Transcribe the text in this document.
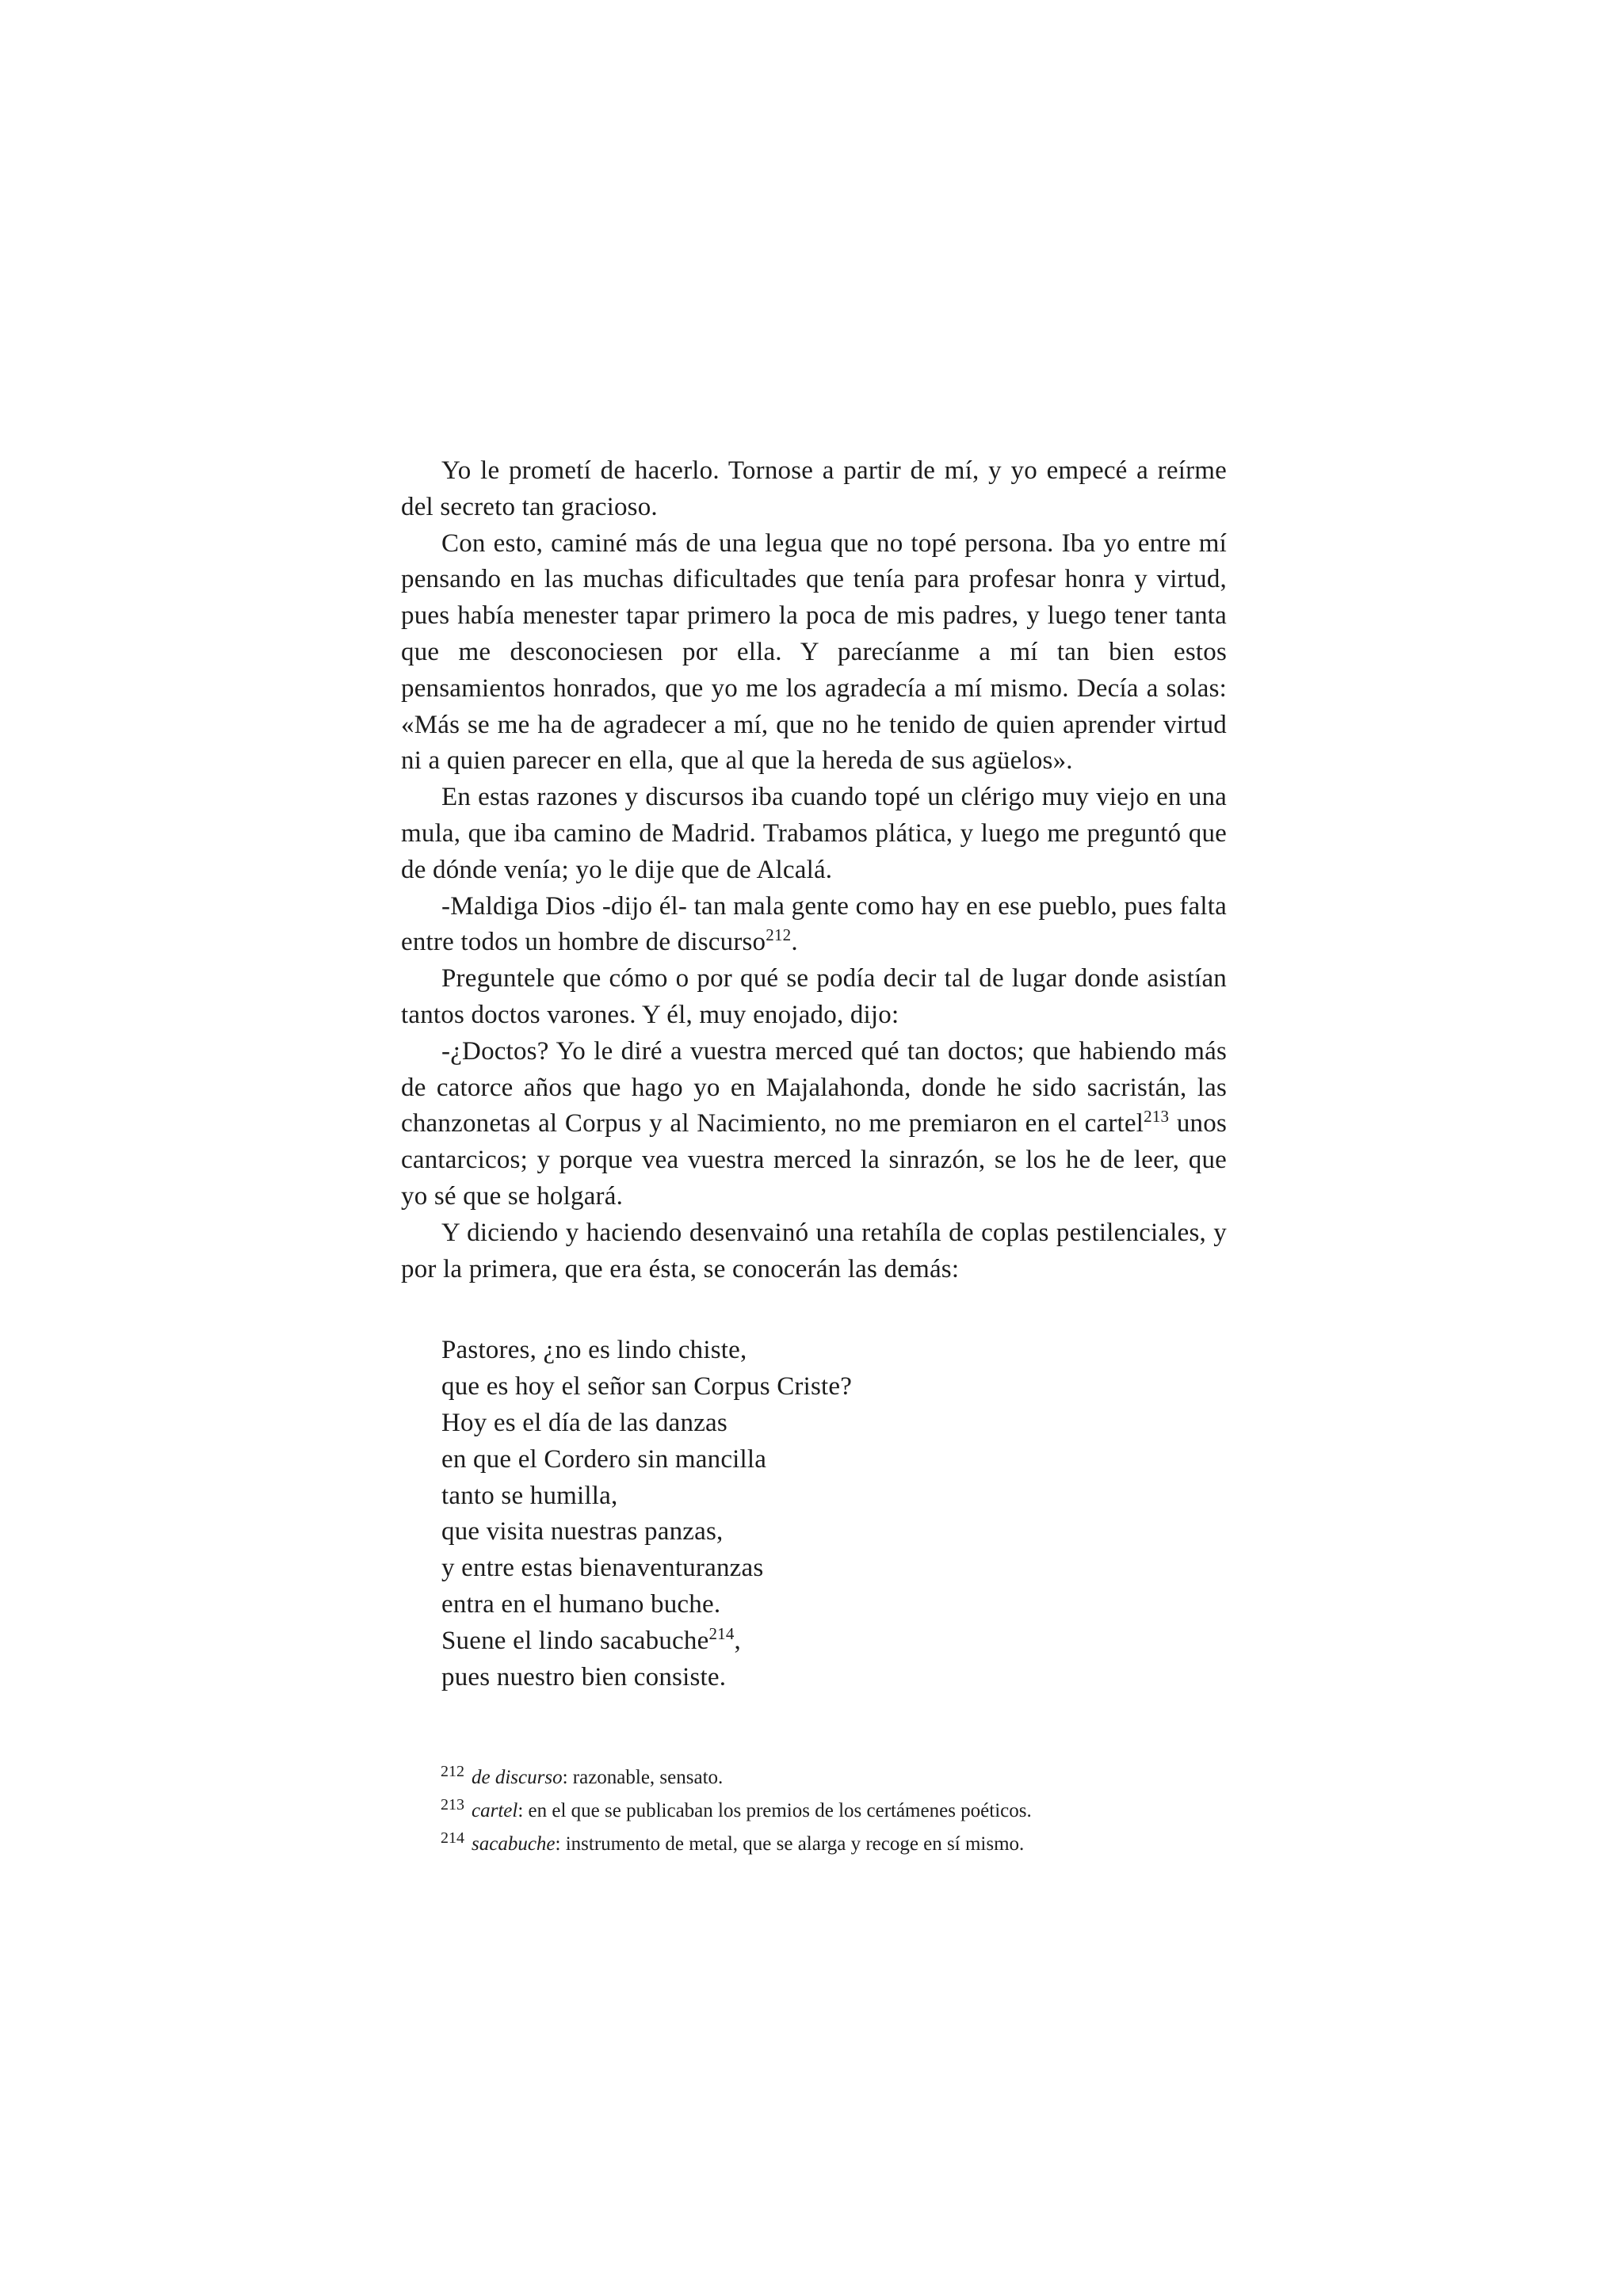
Yo le prometí de hacerlo. Tornose a partir de mí, y yo empecé a reírme del secreto tan gracioso.

Con esto, caminé más de una legua que no topé persona. Iba yo entre mí pensando en las muchas dificultades que tenía para profesar honra y virtud, pues había menester tapar primero la poca de mis padres, y luego tener tanta que me desconociesen por ella. Y parecíanme a mí tan bien estos pensamientos honrados, que yo me los agradecía a mí mismo. Decía a solas: «Más se me ha de agradecer a mí, que no he tenido de quien aprender virtud ni a quien parecer en ella, que al que la hereda de sus agüelos».

En estas razones y discursos iba cuando topé un clérigo muy viejo en una mula, que iba camino de Madrid. Trabamos plática, y luego me preguntó que de dónde venía; yo le dije que de Alcalá.

-Maldiga Dios -dijo él- tan mala gente como hay en ese pueblo, pues falta entre todos un hombre de discurso$^{212}$.

Preguntele que cómo o por qué se podía decir tal de lugar donde asistían tantos doctos varones. Y él, muy enojado, dijo:

-¿Doctos? Yo le diré a vuestra merced qué tan doctos; que habiendo más de catorce años que hago yo en Majalahonda, donde he sido sacristán, las chanzonetas al Corpus y al Nacimiento, no me premiaron en el cartel$^{213}$ unos cantarcicos; y porque vea vuestra merced la sinrazón, se los he de leer, que yo sé que se holgará.

Y diciendo y haciendo desenvainó una retahíla de coplas pestilenciales, y por la primera, que era ésta, se conocerán las demás:

Pastores, ¿no es lindo chiste,
que es hoy el señor san Corpus Criste?
Hoy es el día de las danzas
en que el Cordero sin mancilla
tanto se humilla,
que visita nuestras panzas,
y entre estas bienaventuranzas
entra en el humano buche.
Suene el lindo sacabuche$^{214}$,
pues nuestro bien consiste.

$^{212}$ de discurso: razonable, sensato.

$^{213}$ cartel: en el que se publicaban los premios de los certámenes poéticos.

$^{214}$ sacabuche: instrumento de metal, que se alarga y recoge en sí mismo.
